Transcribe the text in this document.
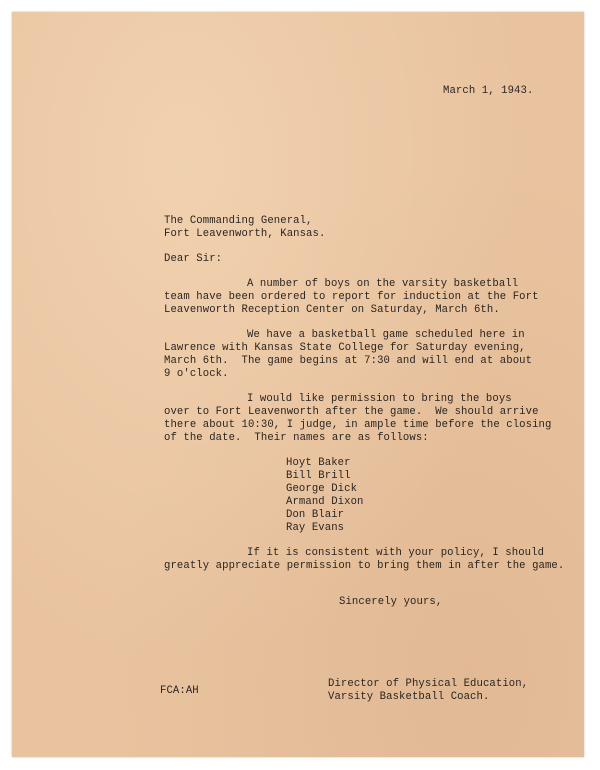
March 1, 1943.
The Commanding General,
Fort Leavenworth, Kansas.
Dear Sir:
A number of boys on the varsity basketball
team have been ordered to report for induction at the Fort
Leavenworth Reception Center on Saturday, March 6th.
We have a basketball game scheduled here in
Lawrence with Kansas State College for Saturday evening,
March 6th.  The game begins at 7:30 and will end at about
9 o'clock.
I would like permission to bring the boys
over to Fort Leavenworth after the game.  We should arrive
there about 10:30, I judge, in ample time before the closing
of the date.  Their names are as follows:
Hoyt Baker
Bill Brill
George Dick
Armand Dixon
Don Blair
Ray Evans
If it is consistent with your policy, I should
greatly appreciate permission to bring them in after the game.
Sincerely yours,
FCA:AH
Director of Physical Education,
Varsity Basketball Coach.
